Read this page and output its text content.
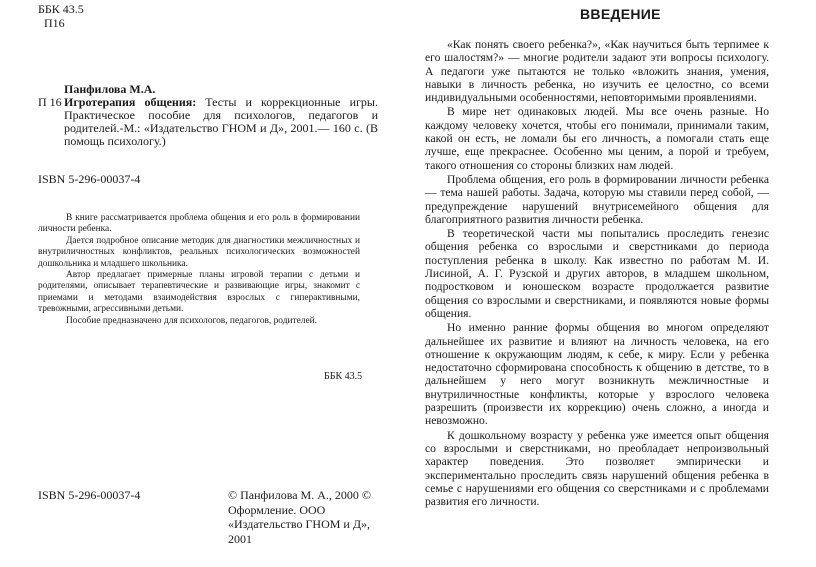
ББК 43.5
П16
Панфилова М.А.
П 16 Игротерапия общения: Тесты и коррекционные игры. Практическое пособие для психологов, педагогов и родителей.-М.: «Издательство ГНОМ и Д», 2001.— 160 с. (В помощь психологу.)
ISBN 5-296-00037-4

В книге рассматривается проблема общения и его роль в формировании личности ребенка.

Дается подробное описание методик для диагностики межличностных и внутриличностных конфликтов, реальных психологических возможностей дошкольника и младшего школьника.

Автор предлагает примерные планы игровой терапии с детьми и родителями, описывает терапевтические и развивающие игры, знакомит с приемами и методами взаимодействия взрослых с гиперактивными, тревожными, агрессивными детьми.

Пособие предназначено для психологов, педагогов, родителей.

ББК 43.5
ISBN 5-296-00037-4	© Панфилова М. А., 2000 © Оформление. ООО «Издательство ГНОМ и Д», 2001
ВВЕДЕНИЕ

«Как понять своего ребенка?», «Как научиться быть терпимее к его шалостям?» — многие родители задают эти вопросы психологу. А педагоги уже пытаются не только «вложить знания, умения, навыки в личность ребенка, но изучить ее целостно, со всеми индивидуальными особенностями, неповторимыми проявлениями.

В мире нет одинаковых людей. Мы все очень разные. Но каждому человеку хочется, чтобы его понимали, принимали таким, какой он есть, не ломали бы его личность, а помогали стать еще лучше, еще прекраснее. Особенно мы ценим, а порой и требуем, такого отношения со стороны близких нам людей.

Проблема общения, его роль в формировании личности ребенка — тема нашей работы. Задача, которую мы ставили перед собой, — предупреждение нарушений внутрисемейного общения для благоприятного развития личности ребенка.

В теоретической части мы попытались проследить генезис общения ребенка со взрослыми и сверстниками до периода поступления ребенка в школу. Как известно по работам М. И. Лисиной, А. Г. Рузской и других авторов, в младшем школьном, подростковом и юношеском возрасте продолжается развитие общения со взрослыми и сверстниками, и появляются новые формы общения.

Но именно ранние формы общения во многом определяют дальнейшее их развитие и влияют на личность человека, на его отношение к окружающим людям, к себе, к миру. Если у ребенка недостаточно сформирована способность к общению в детстве, то в дальнейшем у него могут возникнуть межличностные и внутриличностные конфликты, которые у взрослого человека разрешить (произвести их коррекцию) очень сложно, а иногда и невозможно.

К дошкольному возрасту у ребенка уже имеется опыт общения со взрослыми и сверстниками, но преобладает непроизвольный характер поведения. Это позволяет эмпирически и экспериментально проследить связь нарушений общения ребенка в семье с нарушениями его общения со сверстниками и с проблемами развития его личности.
